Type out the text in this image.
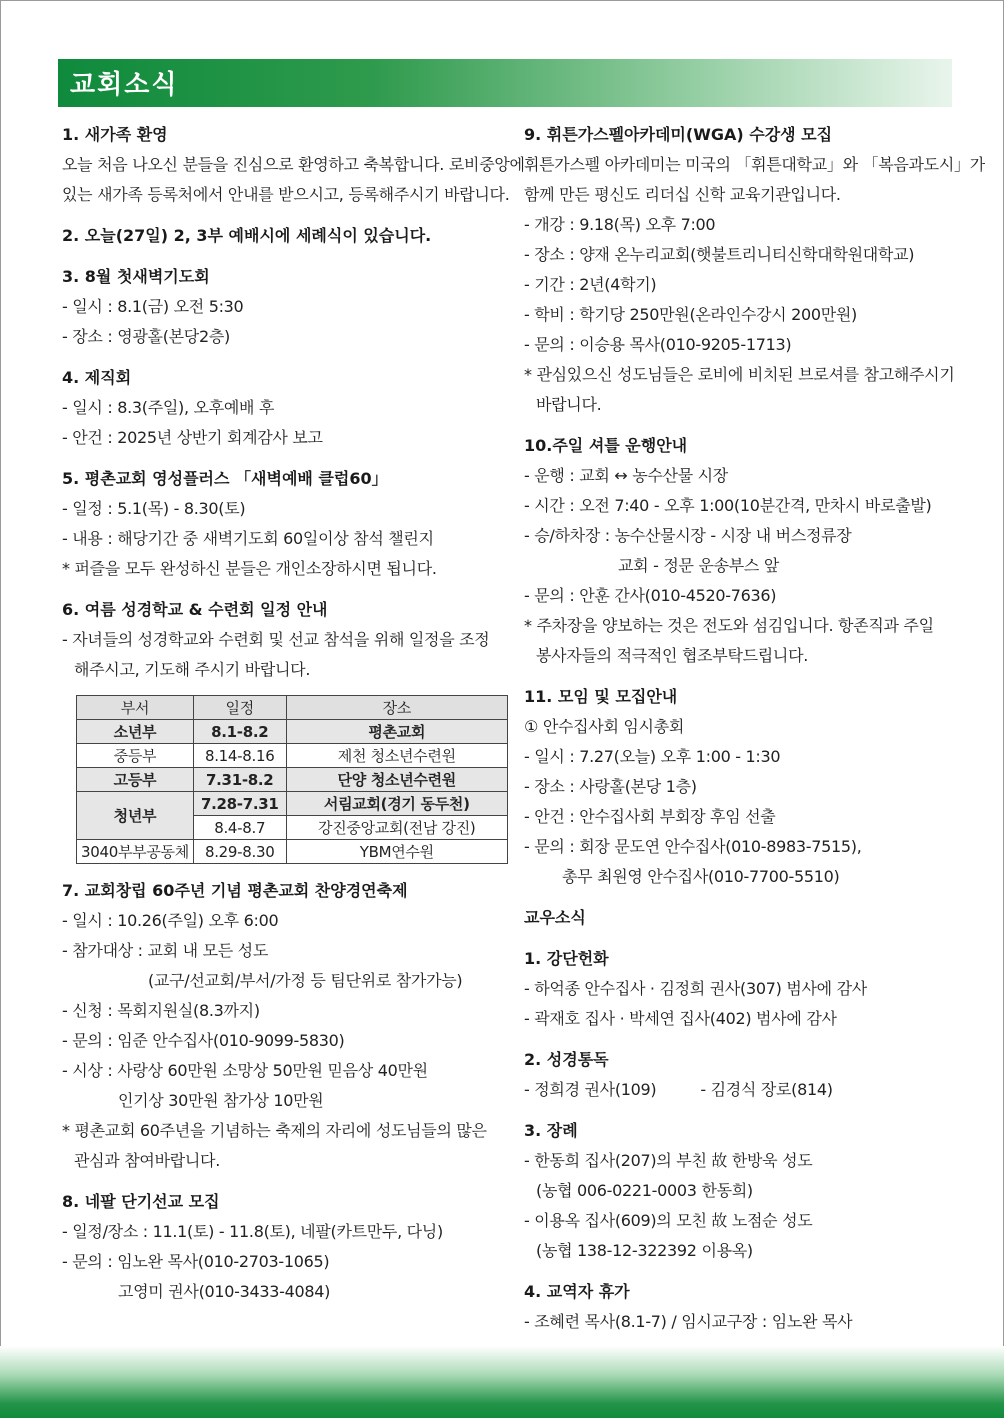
교회소식
1. 새가족 환영
오늘 처음 나오신 분들을 진심으로 환영하고 축복합니다. 로비중앙에
있는 새가족 등록처에서 안내를 받으시고, 등록해주시기 바랍니다.
2. 오늘(27일) 2, 3부 예배시에 세례식이 있습니다.
3. 8월 첫새벽기도회
- 일시 : 8.1(금) 오전 5:30
- 장소 : 영광홀(본당2층)
4. 제직회
- 일시 : 8.3(주일), 오후예배 후
- 안건 : 2025년 상반기 회계감사 보고
5. 평촌교회 영성플러스 「새벽예배 클럽60」
- 일정 : 5.1(목) - 8.30(토)
- 내용 : 해당기간 중 새벽기도회 60일이상 참석 챌린지
* 퍼즐을 모두 완성하신 분들은 개인소장하시면 됩니다.
6. 여름 성경학교 & 수련회 일정 안내
- 자녀들의 성경학교와 수련회 및 선교 참석을 위해 일정을 조정
해주시고, 기도해 주시기 바랍니다.
부서	일정	장소
소년부	8.1-8.2	평촌교회
중등부	8.14-8.16	제천 청소년수련원
고등부	7.31-8.2	단양 청소년수련원
청년부	7.28-7.31	서림교회(경기 동두천)
	8.4-8.7	강진중앙교회(전남 강진)
3040부부공동체	8.29-8.30	YBM연수원
7. 교회창립 60주년 기념 평촌교회 찬양경연축제
- 일시 : 10.26(주일) 오후 6:00
- 참가대상 : 교회 내 모든 성도
(교구/선교회/부서/가정 등 팀단위로 참가가능)
- 신청 : 목회지원실(8.3까지)
- 문의 : 임준 안수집사(010-9099-5830)
- 시상 : 사랑상 60만원 소망상 50만원 믿음상 40만원
인기상 30만원 참가상 10만원
* 평촌교회 60주년을 기념하는 축제의 자리에 성도님들의 많은
관심과 참여바랍니다.
8. 네팔 단기선교 모집
- 일정/장소 : 11.1(토) - 11.8(토), 네팔(카트만두, 다닝)
- 문의 : 임노완 목사(010-2703-1065)
고영미 권사(010-3433-4084)
9. 휘튼가스펠아카데미(WGA) 수강생 모집
휘튼가스펠 아카데미는 미국의 「휘튼대학교」와 「복음과도시」가
함께 만든 평신도 리더십 신학 교육기관입니다.
- 개강 : 9.18(목) 오후 7:00
- 장소 : 양재 온누리교회(햇불트리니티신학대학원대학교)
- 기간 : 2년(4학기)
- 학비 : 학기당 250만원(온라인수강시 200만원)
- 문의 : 이승용 목사(010-9205-1713)
* 관심있으신 성도님들은 로비에 비치된 브로셔를 참고해주시기
바랍니다.
10.주일 셔틀 운행안내
- 운행 : 교회 ↔ 농수산물 시장
- 시간 : 오전 7:40 - 오후 1:00(10분간격, 만차시 바로출발)
- 승/하차장 : 농수산물시장 - 시장 내 버스정류장
교회 - 정문 운송부스 앞
- 문의 : 안훈 간사(010-4520-7636)
* 주차장을 양보하는 것은 전도와 섬김입니다. 항존직과 주일
봉사자들의 적극적인 협조부탁드립니다.
11. 모임 및 모집안내
① 안수집사회 임시총회
- 일시 : 7.27(오늘) 오후 1:00 - 1:30
- 장소 : 사랑홀(본당 1층)
- 안건 : 안수집사회 부회장 후임 선출
- 문의 : 회장 문도연 안수집사(010-8983-7515),
총무 최원영 안수집사(010-7700-5510)
교우소식
1. 강단헌화
- 하억종 안수집사 · 김정희 권사(307) 범사에 감사
- 곽재호 집사 · 박세연 집사(402) 범사에 감사
2. 성경통독
- 정희경 권사(109)	- 김경식 장로(814)
3. 장례
- 한동희 집사(207)의 부친 故 한방욱 성도
(농협 006-0221-0003 한동희)
- 이용옥 집사(609)의 모친 故 노점순 성도
(농협 138-12-322392 이용옥)
4. 교역자 휴가
- 조혜련 목사(8.1-7) / 임시교구장 : 임노완 목사
